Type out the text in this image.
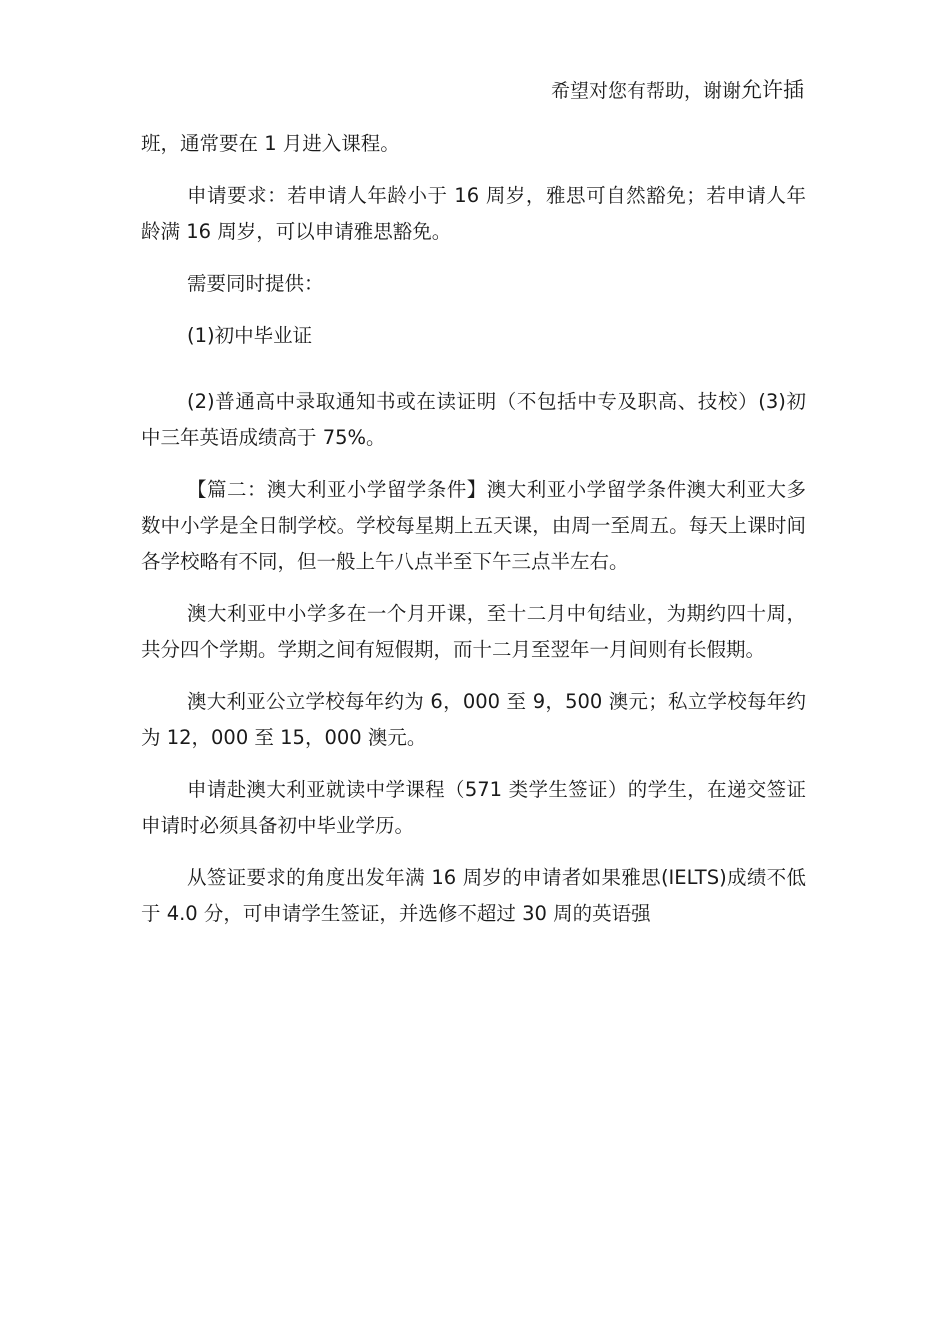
希望对您有帮助，谢谢允许插

班，通常要在 1 月进入课程。

申请要求：若申请人年龄小于 16 周岁，雅思可自然豁免；若申请人年龄满 16 周岁，可以申请雅思豁免。

需要同时提供：

(1)初中毕业证

(2)普通高中录取通知书或在读证明（不包括中专及职高、技校）(3)初中三年英语成绩高于 75%。

【篇二：澳大利亚小学留学条件】澳大利亚小学留学条件澳大利亚大多数中小学是全日制学校。学校每星期上五天课，由周一至周五。每天上课时间各学校略有不同，但一般上午八点半至下午三点半左右。

澳大利亚中小学多在一个月开课，至十二月中旬结业，为期约四十周，共分四个学期。学期之间有短假期，而十二月至翌年一月间则有长假期。

澳大利亚公立学校每年约为 6，000 至 9，500 澳元；私立学校每年约为 12，000 至 15，000 澳元。

申请赴澳大利亚就读中学课程（571 类学生签证）的学生，在递交签证申请时必须具备初中毕业学历。

从签证要求的角度出发年满 16 周岁的申请者如果雅思(IELTS)成绩不低于 4.0 分，可申请学生签证，并选修不超过 30 周的英语强
